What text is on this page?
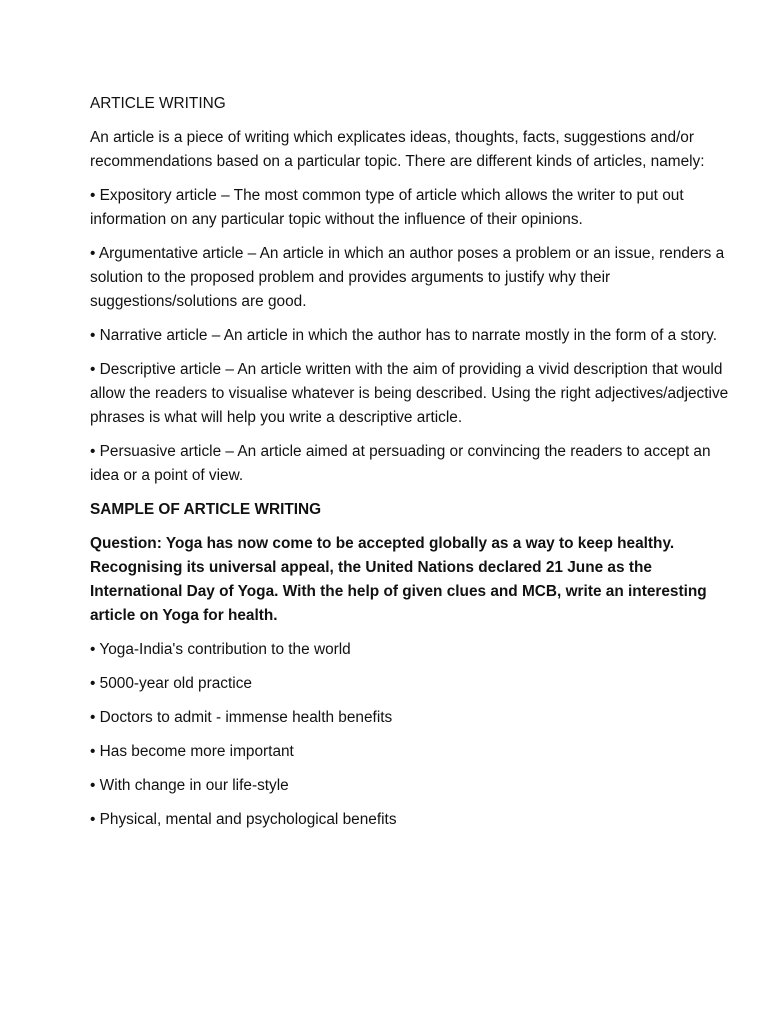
ARTICLE WRITING

An article is a piece of writing which explicates ideas, thoughts, facts, suggestions and/or recommendations based on a particular topic. There are different kinds of articles, namely:

• Expository article – The most common type of article which allows the writer to put out information on any particular topic without the influence of their opinions.

• Argumentative article – An article in which an author poses a problem or an issue, renders a solution to the proposed problem and provides arguments to justify why their suggestions/solutions are good.

• Narrative article – An article in which the author has to narrate mostly in the form of a story.

• Descriptive article – An article written with the aim of providing a vivid description that would allow the readers to visualise whatever is being described. Using the right adjectives/adjective phrases is what will help you write a descriptive article.

• Persuasive article – An article aimed at persuading or convincing the readers to accept an idea or a point of view.

SAMPLE OF ARTICLE WRITING

Question: Yoga has now come to be accepted globally as a way to keep healthy. Recognising its universal appeal, the United Nations declared 21 June as the International Day of Yoga. With the help of given clues and MCB, write an interesting article on Yoga for health.

• Yoga-India's contribution to the world

• 5000-year old practice

• Doctors to admit - immense health benefits

• Has become more important

• With change in our life-style

• Physical, mental and psychological benefits
